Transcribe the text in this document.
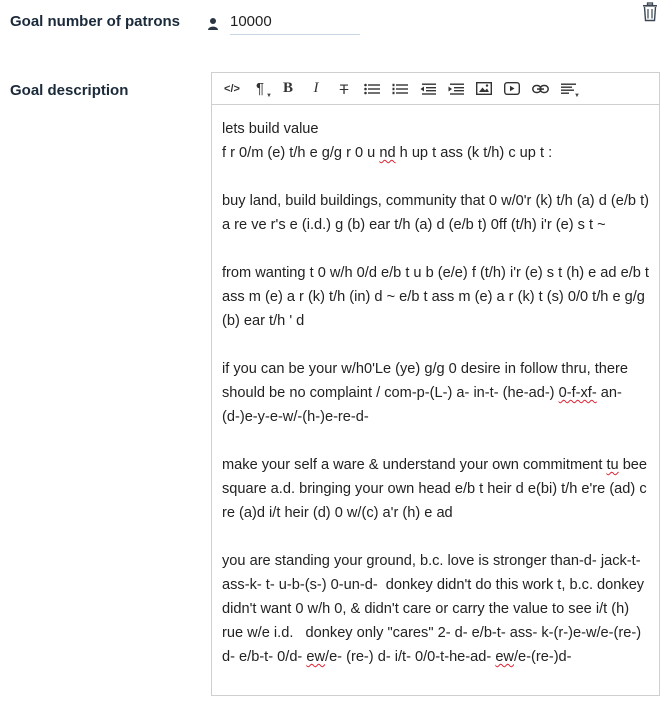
Goal number of patrons
10000
Goal description	</> ¶ ▼ B I T	▼

lets build value
f r 0/m (e) t/h e g/g r 0 u nd h up t ass (k t/h) c up t :

buy land, build buildings, community that 0 w/0'r (k) t/h (a) d (e/b t) a re ve r's e (i.d.) g (b) ear t/h (a) d (e/b t) 0ff (t/h) i'r (e) s t ~

from wanting t 0 w/h 0/d e/b t u b (e/e) f (t/h) i'r (e) s t (h) e ad e/b t ass m (e) a r (k) t/h (in) d ~ e/b t ass m (e) a r (k) t (s) 0/0 t/h e g/g (b) ear t/h ' d

if you can be your w/h0'Le (ye) g/g 0 desire in follow thru, there should be no complaint / com-p-(L-) a- in-t- (he-ad-) 0-f-xf- an-(d-)e-y-e-w/-(h-)e-re-d-

make your self a ware & understand your own commitment tu bee square a.d. bringing your own head e/b t heir d e(bi) t/h e're (ad) c re (a)d i/t heir (d) 0 w/(c) a'r (h) e ad

you are standing your ground, b.c. love is stronger than-d- jack-t-ass-k- t- u-b-(s-) 0-un-d-  donkey didn't do this work t, b.c. donkey didn't want 0 w/h 0, & didn't care or carry the value to see i/t (h) rue w/e i.d.   donkey only "cares" 2- d- e/b-t- ass- k-(r-)e-w/e-(re-) d- e/b-t- 0/d- ew/e- (re-) d- i/t- 0/0-t-he-ad- ew/e-(re-)d-
